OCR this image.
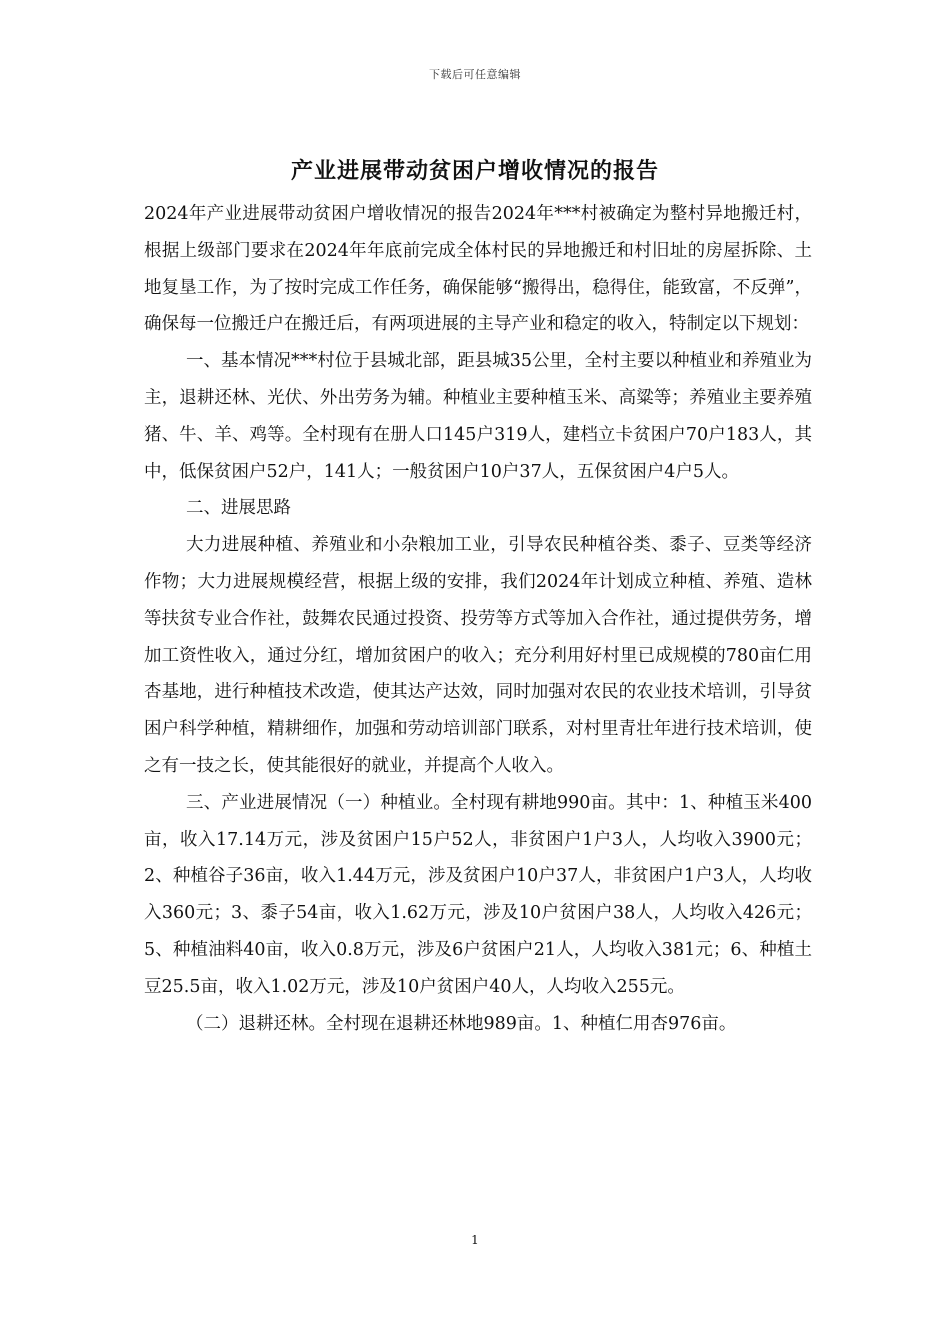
下载后可任意编辑
产业进展带动贫困户增收情况的报告

2024年产业进展带动贫困户增收情况的报告2024年***村被确定为整村异地搬迁村，根据上级部门要求在2024年年底前完成全体村民的异地搬迁和村旧址的房屋拆除、土地复垦工作，为了按时完成工作任务，确保能够“搬得出，稳得住，能致富，不反弹”，确保每一位搬迁户在搬迁后，有两项进展的主导产业和稳定的收入，特制定以下规划：

一、基本情况***村位于县城北部，距县城35公里，全村主要以种植业和养殖业为主，退耕还林、光伏、外出劳务为辅。种植业主要种植玉米、高粱等；养殖业主要养殖猪、牛、羊、鸡等。全村现有在册人口145户319人，建档立卡贫困户70户183人，其中，低保贫困户52户，141人；一般贫困户10户37人，五保贫困户4户5人。

二、进展思路

大力进展种植、养殖业和小杂粮加工业，引导农民种植谷类、黍子、豆类等经济作物；大力进展规模经营，根据上级的安排，我们2024年计划成立种植、养殖、造林等扶贫专业合作社，鼓舞农民通过投资、投劳等方式等加入合作社，通过提供劳务，增加工资性收入，通过分红，增加贫困户的收入；充分利用好村里已成规模的780亩仁用杏基地，进行种植技术改造，使其达产达效，同时加强对农民的农业技术培训，引导贫困户科学种植，精耕细作，加强和劳动培训部门联系，对村里青壮年进行技术培训，使之有一技之长，使其能很好的就业，并提高个人收入。

三、产业进展情况（一）种植业。全村现有耕地990亩。其中：1、种植玉米400亩，收入17.14万元，涉及贫困户15户52人，非贫困户1户3人，人均收入3900元；2、种植谷子36亩，收入1.44万元，涉及贫困户10户37人，非贫困户1户3人，人均收入360元；3、黍子54亩，收入1.62万元，涉及10户贫困户38人，人均收入426元；5、种植油料40亩，收入0.8万元，涉及6户贫困户21人，人均收入381元；6、种植土豆25.5亩，收入1.02万元，涉及10户贫困户40人，人均收入255元。

（二）退耕还林。全村现在退耕还林地989亩。1、种植仁用杏976亩。

1
